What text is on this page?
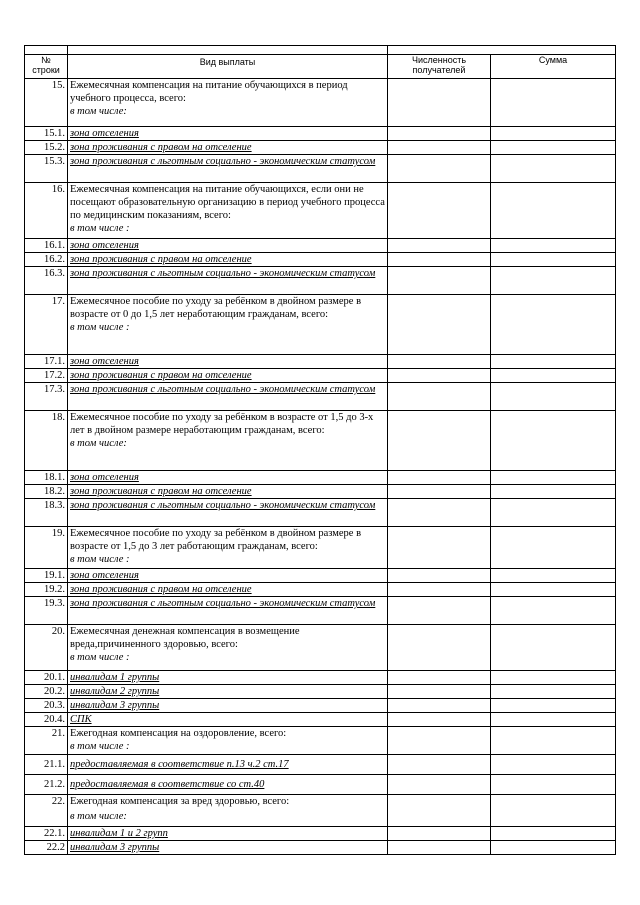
№ строки	Вид выплаты	Численность получателей	Сумма
15.	Ежемесячная компенсация на питание обучающихся в период учебного процесса, всего:
в том числе:		

15.1.	зона отселения		
15.2.	зона проживания с правом на отселение		
15.3.	зона проживания с льготным социально - экономическим статусом		
16.	Ежемесячная компенсация на питание обучающихся, если они не посещают образовательную организацию в период учебного процесса по медицинским показаниям, всего:
в том числе :		

16.1.	зона отселения		
16.2.	зона проживания с правом на отселение		
16.3.	зона проживания с льготным социально - экономическим статусом		
17.	Ежемесячное пособие по уходу за ребёнком в двойном размере в возрасте от 0 до 1,5 лет неработающим гражданам, всего:
в том числе :		

17.1.	зона отселения		
17.2.	зона проживания с правом на отселение		
17.3.	зона проживания с льготным социально - экономическим статусом		
18.	Ежемесячное пособие по уходу за ребёнком в возрасте от 1,5 до 3-х лет в двойном размере неработающим гражданам, всего:
в том числе:		

18.1.	зона отселения		
18.2.	зона проживания с правом на отселение		
18.3.	зона проживания с льготным социально - экономическим статусом		
19.	Ежемесячное пособие по уходу за ребёнком в двойном размере в возрасте от 1,5 до 3 лет работающим гражданам, всего:
в том числе :		

19.1.	зона отселения		
19.2.	зона проживания с правом на отселение		
19.3.	зона проживания с льготным социально - экономическим статусом		
20.	Ежемесячная денежная компенсация в возмещение вреда,причиненного здоровью, всего:
в том числе :		

20.1.	инвалидам 1 группы		
20.2.	инвалидам 2 группы		
20.3.	инвалидам 3 группы		
20.4.	СПК		
21.	Ежегодная компенсация на оздоровление, всего:
в том числе :		

21.1.	предоставляемая в соответствие п.13 ч.2 ст.17		
21.2.	предоставляемая в соответствие со ст.40		
22.	Ежегодная компенсация за вред здоровью, всего:
в том числе:		

22.1.	инвалидам 1 и 2 групп		
22.2	инвалидам 3 группы		
